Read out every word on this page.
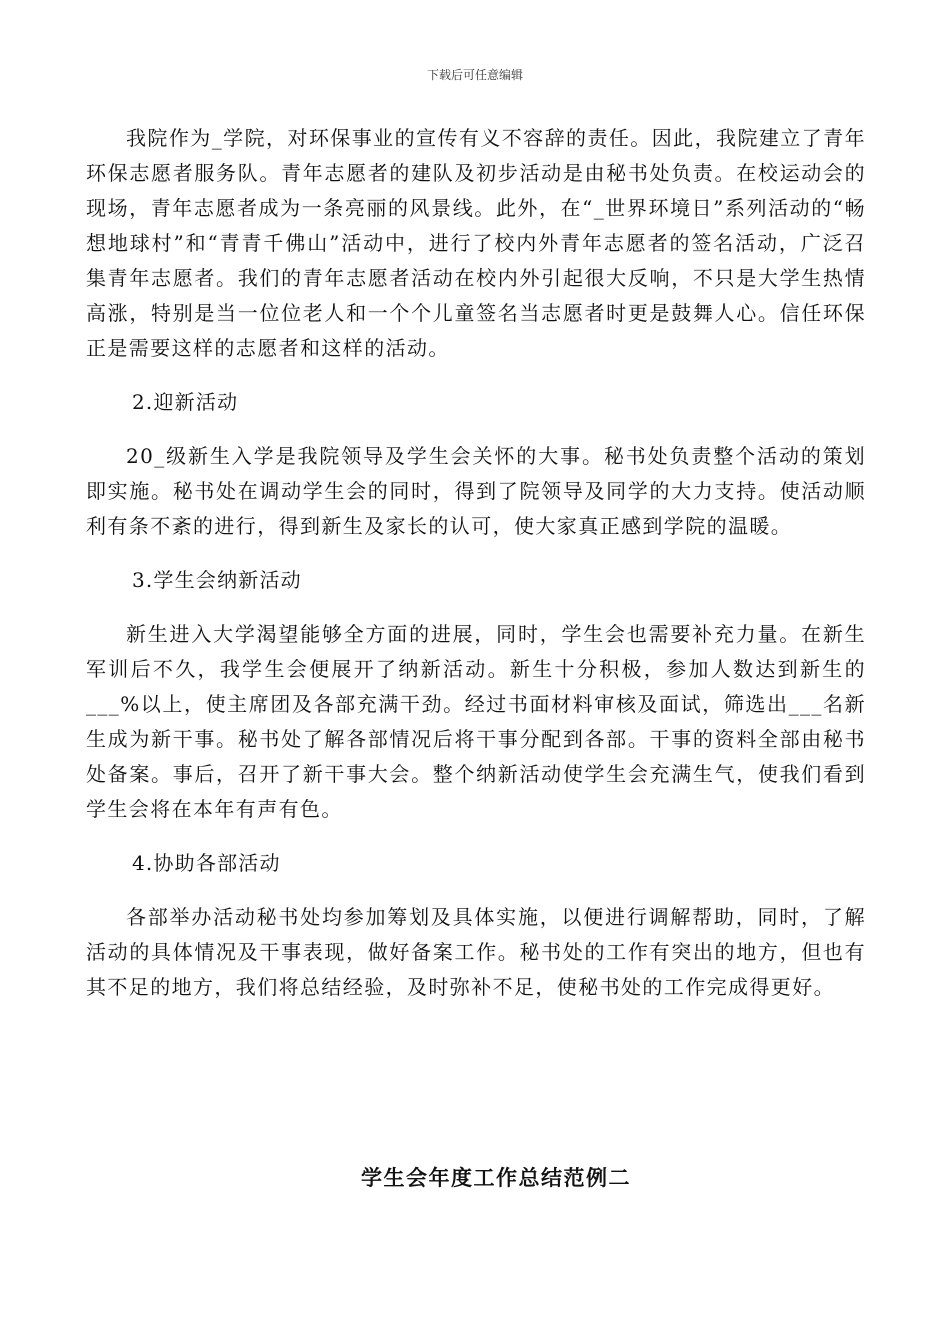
下载后可任意编辑

我院作为_学院，对环保事业的宣传有义不容辞的责任。因此，我院建立了青年环保志愿者服务队。青年志愿者的建队及初步活动是由秘书处负责。在校运动会的现场，青年志愿者成为一条亮丽的风景线。此外，在“_世界环境日”系列活动的“畅想地球村”和“青青千佛山”活动中，进行了校内外青年志愿者的签名活动，广泛召集青年志愿者。我们的青年志愿者活动在校内外引起很大反响，不只是大学生热情高涨，特别是当一位位老人和一个个儿童签名当志愿者时更是鼓舞人心。信任环保正是需要这样的志愿者和这样的活动。

2.迎新活动

20_级新生入学是我院领导及学生会关怀的大事。秘书处负责整个活动的策划即实施。秘书处在调动学生会的同时，得到了院领导及同学的大力支持。使活动顺利有条不紊的进行，得到新生及家长的认可，使大家真正感到学院的温暖。

3.学生会纳新活动

新生进入大学渴望能够全方面的进展，同时，学生会也需要补充力量。在新生军训后不久，我学生会便展开了纳新活动。新生十分积极，参加人数达到新生的___%以上，使主席团及各部充满干劲。经过书面材料审核及面试，筛选出___名新生成为新干事。秘书处了解各部情况后将干事分配到各部。干事的资料全部由秘书处备案。事后，召开了新干事大会。整个纳新活动使学生会充满生气，使我们看到学生会将在本年有声有色。

4.协助各部活动

各部举办活动秘书处均参加筹划及具体实施，以便进行调解帮助，同时，了解活动的具体情况及干事表现，做好备案工作。秘书处的工作有突出的地方，但也有其不足的地方，我们将总结经验，及时弥补不足，使秘书处的工作完成得更好。

学生会年度工作总结范例二
